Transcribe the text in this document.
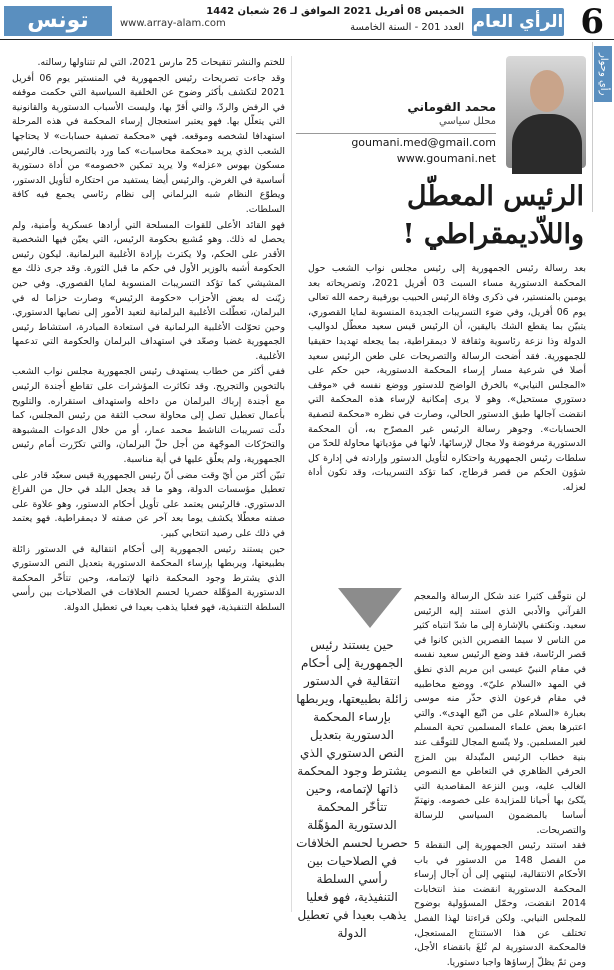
6
الرأي العام
الخميس 08 أفريل 2021 الموافق لـ 26 شعبان 1442
العدد 201 - السنة الخامسة
www.array-alam.com
تونس
رأي وحوار
محمد القوماني
محلل سياسي
goumani.med@gmail.com
www.goumani.net
الرئيس المعطّل واللاّديمقراطي !

بعد رسالة رئيس الجمهورية إلى رئيس مجلس نواب الشعب حول المحكمة الدستورية مساء السبت 03 أفريل 2021، وتصريحاته بعد يومين بالمنستير، في ذكرى وفاة الرئيس الحبيب بورقيبة رحمه الله تعالى يوم 06 أفريل، وفي ضوء التسريبات الجديدة المنسوبة لمايا القصوري، يتبيّن بما يقطع الشك باليقين، أن الرئيس قيس سعيد معطّل لدواليب الدولة وذا نزعة رئاسوية وثقافة لا ديمقراطية، بما يجعله تهديدا حقيقيا للجمهورية. فقد أضحت الرسالة والتصريحات على طعن الرئيس سعيد أصلا في شرعية مسار إرساء المحكمة الدستورية، حين حكم على «المجلس النيابي» بالخرق الواضح للدستور ووضع نفسه في «موقف دستوري مستحيل». وهو لا يرى إمكانية لإرساء هذه المحكمة التي انقضت آجالها طبق الدستور الحالي، وصارت في نظره «محكمة لتصفية الحسابات». وجوهر رسالة الرئيس غير المصرّح به، أن المحكمة الدستورية مرفوضة ولا مجال لإرسائها، لأنها في مؤدياتها محاولة للحدّ من سلطات رئيس الجمهورية واحتكاره لتأويل الدستور وإرادته في إدارة كل شؤون الحكم من قصر قرطاج، كما تؤكد التسريبات، وقد تكون أداة لعزله.

للختم والنشر تنقيحات 25 مارس 2021، التي لم تتناولها رسالته.

وقد جاءت تصريحات رئيس الجمهورية في المنستير يوم 06 أفريل 2021 لتكشف بأكثر وضوح عن الخلفية السياسية التي حكمت موقفه في الرفض والردّ، والتي أقرّ بها، وليست الأسباب الدستورية والقانونية التي يتعلّل بها. فهو يعتبر استعجال إرساء المحكمة في هذه المرحلة استهدافا لشخصه وموقعه. فهي «محكمة تصفية حسابات» لا يحتاجها الشعب الذي يريد «محكمة محاسبات» كما ورد بالتصريحات. فالرئيس مسكون بهوس «عزله» ولا يريد تمكين «خصومه» من أداة دستورية أساسية في الغرض. والرئيس أيضا يستفيد من احتكاره لتأويل الدستور، ويطوّع النظام شبه البرلماني إلى نظام رئاسي يجمع فيه كافة السلطات.

فهو القائد الأعلى للقوات المسلحة التي أرادها عسكرية وأمنية، ولم يحصل له ذلك. وهو مُشبع بحكومة الرئيس، التي يعيّن فيها الشخصية الأقدر على الحكم، ولا يكترث بإرادة الأغلبية البرلمانية. ليكون رئيس الحكومة أشبه بالوزير الأول في حكم ما قبل الثورة. وقد جرى ذلك مع المشيشي كما تؤكد التسريبات المنسوبة لمايا القصوري. وفي حين زيّنت له بعض الأحزاب «حكومة الرئيس» وصارت حزاما له في البرلمان، تعطّلت الأغلبية البرلمانية لتعيد الأمور إلى نصابها الدستوري. وحين تحوّلت الأغلبية البرلمانية في استعادة المبادرة، استشاط رئيس الجمهورية غضبا وصعّد في استهداف البرلمان والحكومة التي تدعمها الأغلبية.

ففي أكثر من خطاب يستهدف رئيس الجمهورية مجلس نواب الشعب بالتخوين والتجريح. وقد تكاثرت المؤشرات على تقاطع أجندة الرئيس مع أجندة إرباك البرلمان من داخله واستهداف استقراره. والتلويح بأعمال تعطيل تصل إلى محاولة سحب الثقة من رئيس المجلس، كما دلّت تسريبات الناشط محمد عمار، أو من خلال الدعوات المشبوهة والتحرّكات الموجّهة من أجل حلّ البرلمان، والتي تكرّرت أمام رئيس الجمهورية، ولم يعلّق عليها في أية مناسبة.

تبيّن أكثر من أيّ وقت مضى أنّ رئيس الجمهورية قيس سعيّد قادر على تعطيل مؤسسات الدولة، وهو ما قد يجعل البلد في حال من الفراغ الدستوري. فالرئيس يعتمد على تأويل أحكام الدستور، وهو علاوة على صفته معطّلا يكشف يوما بعد آخر عن صفته لا ديمقراطية. فهو يعتمد في ذلك على رصيد انتخابي كبير.

حين يستند رئيس الجمهورية إلى أحكام انتقالية في الدستور زائلة بطبيعتها، ويربطها بإرساء المحكمة الدستورية بتعديل النص الدستوري الذي يشترط وجود المحكمة ذاتها لإتمامه، وحين تتأخّر المحكمة الدستورية المؤهّلة حصريا لحسم الخلافات في الصلاحيات بين رأسي السلطة التنفيذية، فهو فعليا يذهب بعيدا في تعطيل الدولة.

حين يستند رئيس الجمهورية إلى أحكام انتقالية في الدستور زائلة بطبيعتها، ويربطها بإرساء المحكمة الدستورية بتعديل النص الدستوري الذي يشترط وجود المحكمة ذاتها لإتمامه، وحين تتأخّر المحكمة الدستورية المؤهّلة حصريا لحسم الخلافات في الصلاحيات بين رأسي السلطة التنفيذية، فهو فعليا يذهب بعيدا في تعطيل الدولة

لن نتوقّف كثيرا عند شكل الرسالة والمعجم القرآني والأدبي الذي استند إليه الرئيس سعيد. ونكتفي بالإشارة إلى ما شدّ انتباه كثير من الناس لا سيما القصرين الذين كانوا في قصر الرئاسة، فقد وضع الرئيس سعيد نفسه في مقام النبيّ عيسى ابن مريم الذي نطق في المهد «السلام عليّ». ووضع مخاطبيه في مقام فرعون الذي حذّر منه موسى بعبارة «السلام على من اتّبع الهدى». والتي اعتبرها بعض علماء المسلمين تحية المسلم لغير المسلمين. ولا يتّسع المجال للتوقّف عند بنية خطاب الرئيس المتّبدلة بين المزج الحرفي الظاهري في التعاطي مع النصوص الغالب عليه، وبين النزعة المقاصدية التي يتّكئ بها أحيانا للمزايدة على خصومه. ونهتمّ أساسا بالمضمون السياسي للرسالة والتصريحات.

فقد استند رئيس الجمهورية إلى النقطة 5 من الفصل 148 من الدستور في باب الأحكام الانتقالية، لينتهي إلى أن آجال إرساء المحكمة الدستورية انقضت منذ انتخابات 2014 انقضت، وحمّل المسؤولية بوضوح للمجلس النيابي. ولكن قراءتنا لهذا الفصل تختلف عن هذا الاستنتاج المستعجل، فالمحكمة الدستورية لم تُلغَ بانقضاء الأجل، ومن ثمّ يظلّ إرساؤها واجبا دستوريا.
